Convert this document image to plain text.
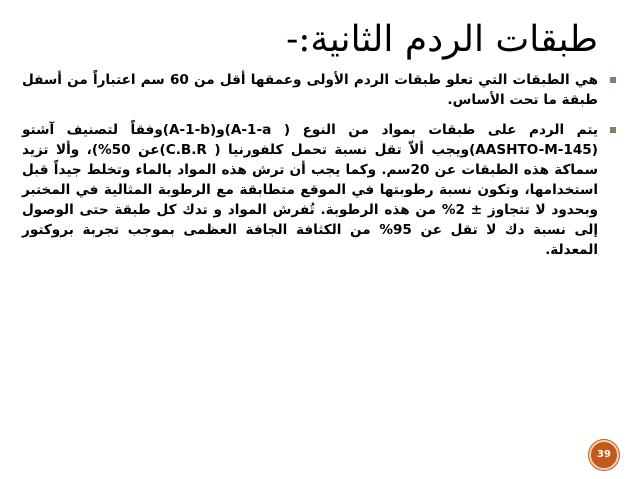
طبقات الردم الثانية:-
هي الطبقات التي تعلو طبقات الردم الأولى وعمقها أقل من 60 سم اعتباراً من أسفل طبقة ما تحت الأساس.
يتم الردم على طبقات بمواد من النوع ( A-1-a)و(A-1-b)وفقاً لتصنيف آشتو (AASHTO-M-145)ويجب ألاّ تقل نسبة تحمل كلفورنيا ( C.B.R)عن 50%)، وألا تزيد سماكة هذه الطبقات عن 20سم. وكما يجب أن ترش هذه المواد بالماء وتخلط جيداً قبل استخدامها، وتكون نسبة رطوبتها في الموقع متطابقة مع الرطوبة المثالية في المختبر وبحدود لا تتجاوز ± 2% من هذه الرطوبة. تُفرش المواد و تدك كل طبقة حتى الوصول إلى نسبة دك لا تقل عن 95% من الكثافة الجافة العظمى بموجب تجربة بروكتور المعدلة.
39
